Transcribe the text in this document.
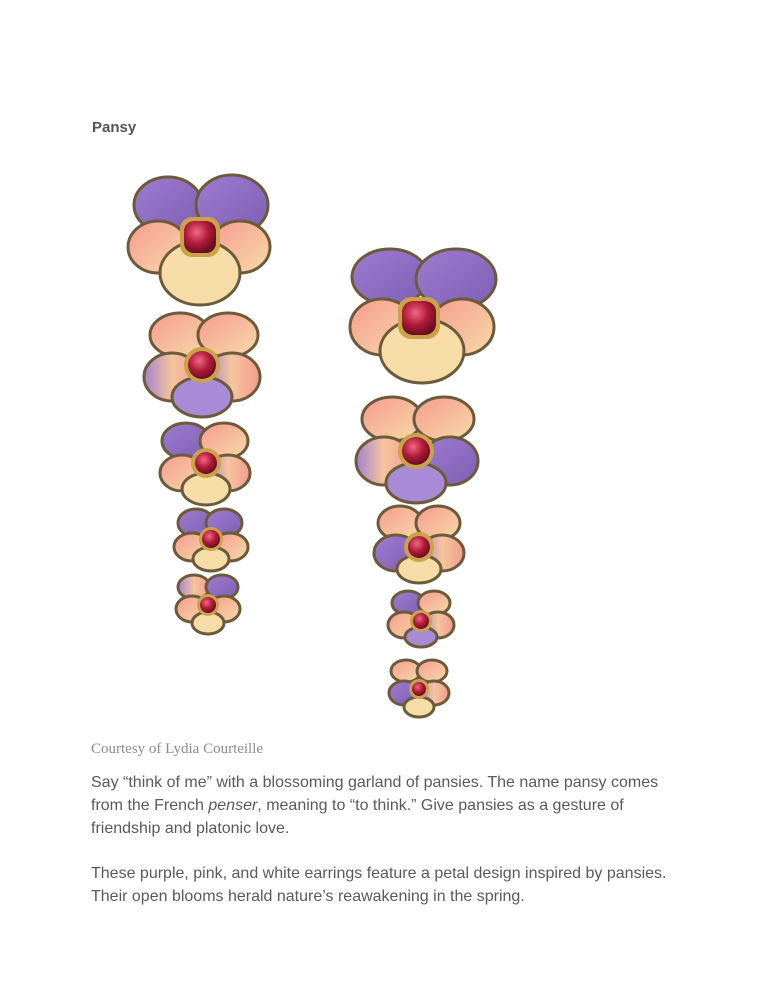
Pansy
Courtesy of Lydia Courteille

Say “think of me” with a blossoming garland of pansies. The name pansy comes from the French penser, meaning to “to think.” Give pansies as a gesture of friendship and platonic love.

These purple, pink, and white earrings feature a petal design inspired by pansies. Their open blooms herald nature’s reawakening in the spring.
